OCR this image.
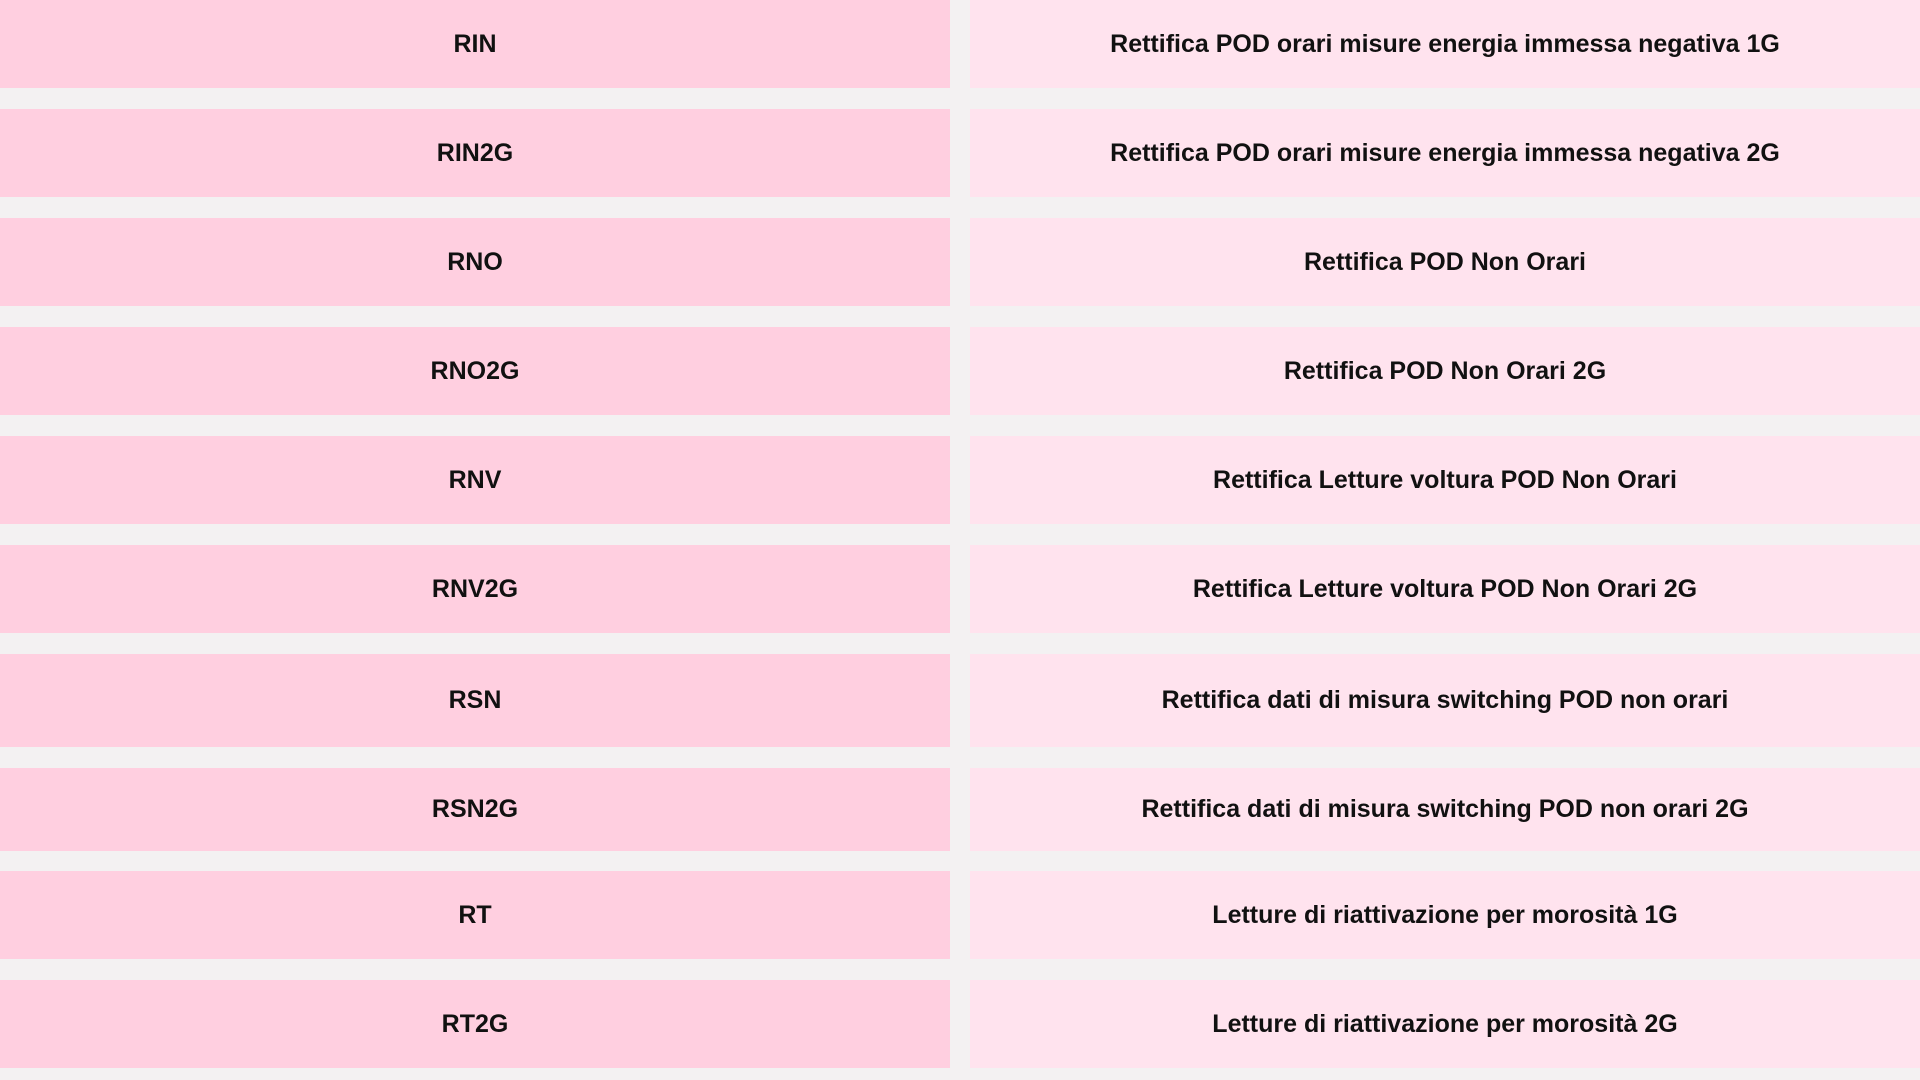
RIN	Rettifica POD orari misure energia immessa negativa 1G
RIN2G	Rettifica POD orari misure energia immessa negativa 2G
RNO	Rettifica POD Non Orari
RNO2G	Rettifica POD Non Orari 2G
RNV	Rettifica Letture voltura POD Non Orari
RNV2G	Rettifica Letture voltura POD Non Orari 2G
RSN	Rettifica dati di misura switching POD non orari
RSN2G	Rettifica dati di misura switching POD non orari 2G
RT	Letture di riattivazione per morosità 1G
RT2G	Letture di riattivazione per morosità 2G
